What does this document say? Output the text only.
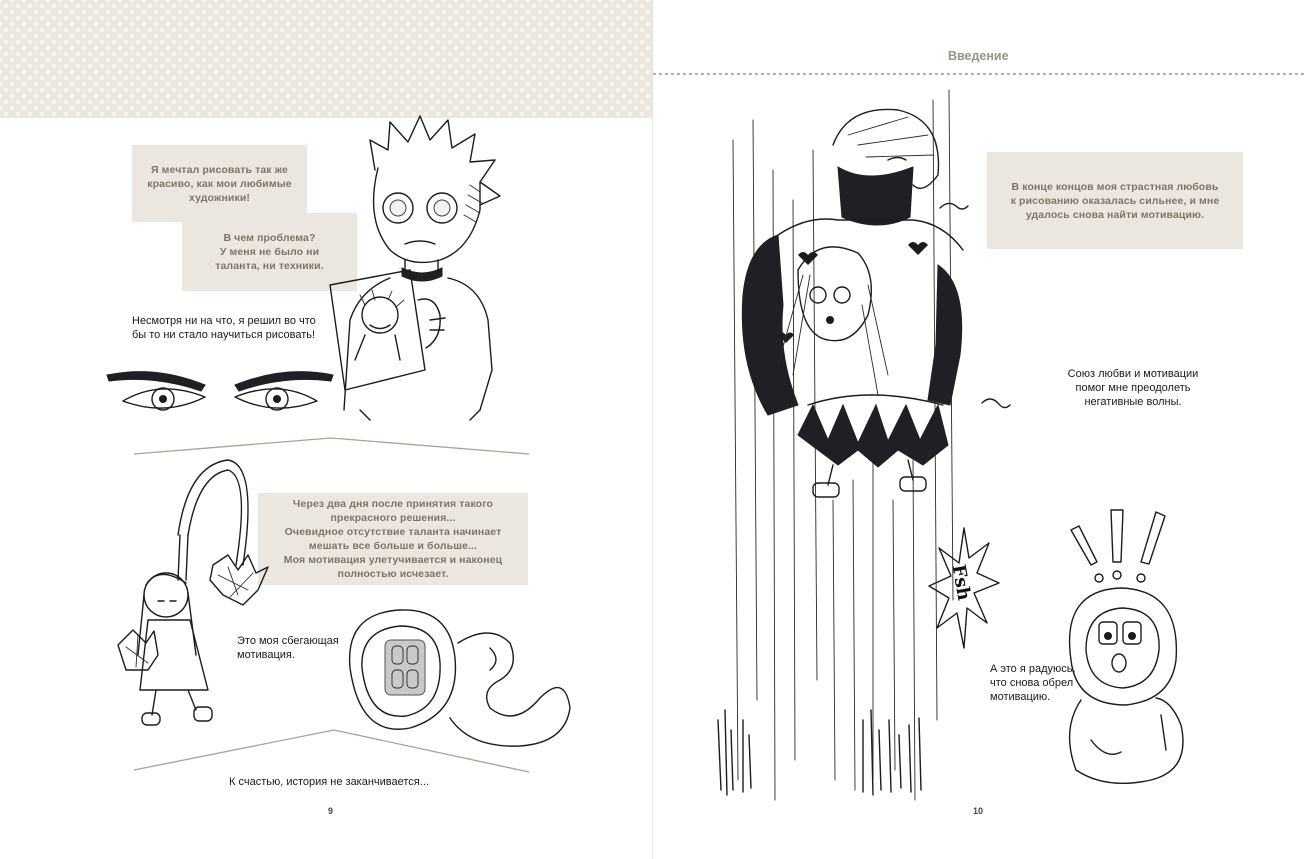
Я мечтал рисовать так же
красиво, как мои любимые
художники!
В чем проблема?
У меня не было ни
таланта, ни техники.
Несмотря ни на что, я решил во что
бы то ни стало научиться рисовать!
Через два дня после принятия такого
прекрасного решения...
Очевидное отсутствие таланта начинает
мешать все больше и больше...
Моя мотивация улетучивается и наконец
полностью исчезает.
Это моя сбегающая
мотивация.
К счастью, история не заканчивается...
9
Введение
В конце концов моя страстная любовь
к рисованию оказалась сильнее, и мне
удалось снова найти мотивацию.
Союз любви и мотивации
помог мне преодолеть
негативные волны.
Fsh
А это я радуюсь,
что снова обрел
мотивацию.
10
